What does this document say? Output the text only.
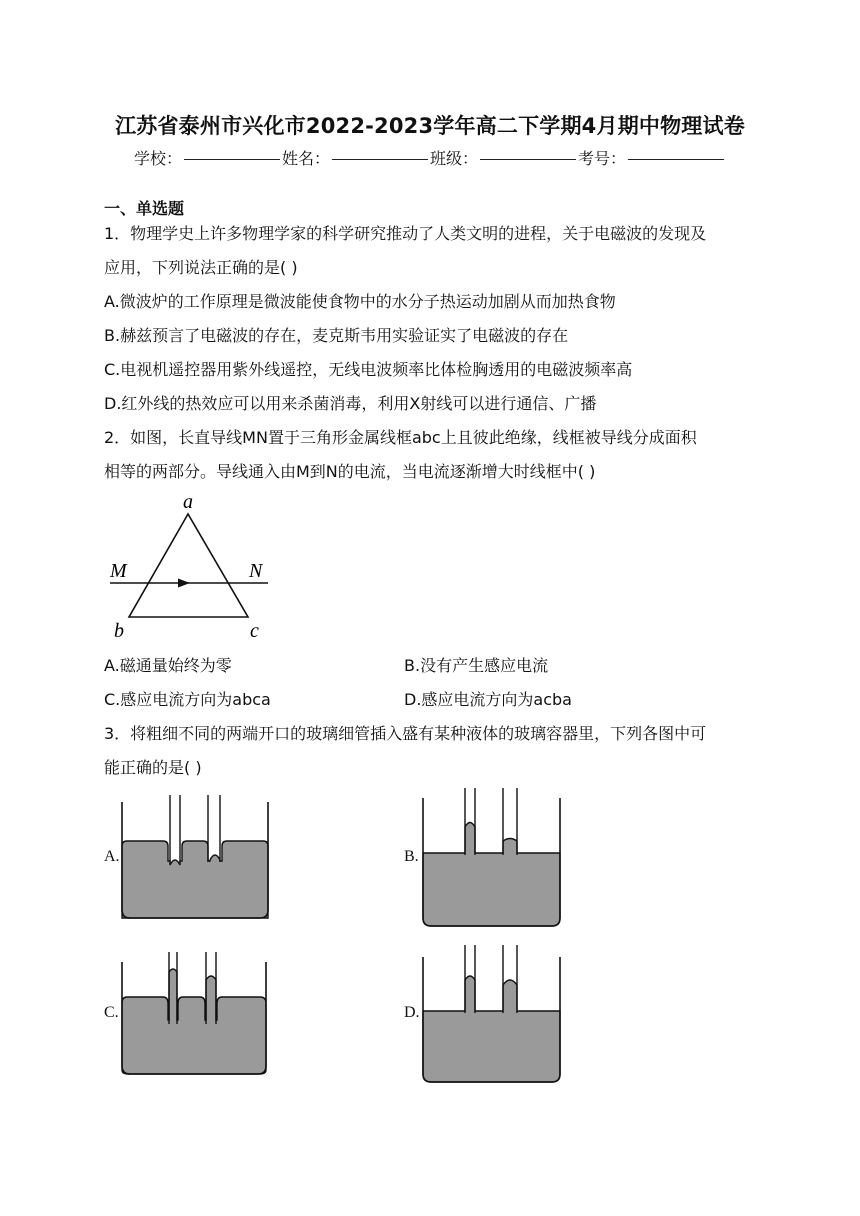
江苏省泰州市兴化市2022-2023学年高二下学期4月期中物理试卷
学校：	姓名：	班级：	考号：
一、单选题
1．物理学史上许多物理学家的科学研究推动了人类文明的进程，关于电磁波的发现及
应用，下列说法正确的是( )
A.微波炉的工作原理是微波能使食物中的水分子热运动加剧从而加热食物
B.赫兹预言了电磁波的存在，麦克斯韦用实验证实了电磁波的存在
C.电视机遥控器用紫外线遥控，无线电波频率比体检胸透用的电磁波频率高
D.红外线的热效应可以用来杀菌消毒，利用X射线可以进行通信、广播
2．如图，长直导线MN置于三角形金属线框abc上且彼此绝缘，线框被导线分成面积
相等的两部分。导线通入由M到N的电流，当电流逐渐增大时线框中( )
a
M	N
b	c
A.磁通量始终为零	B.没有产生感应电流
C.感应电流方向为abca	D.感应电流方向为acba
3．将粗细不同的两端开口的玻璃细管插入盛有某种液体的玻璃容器里，下列各图中可
能正确的是( )
A.	B.
C.	D.
